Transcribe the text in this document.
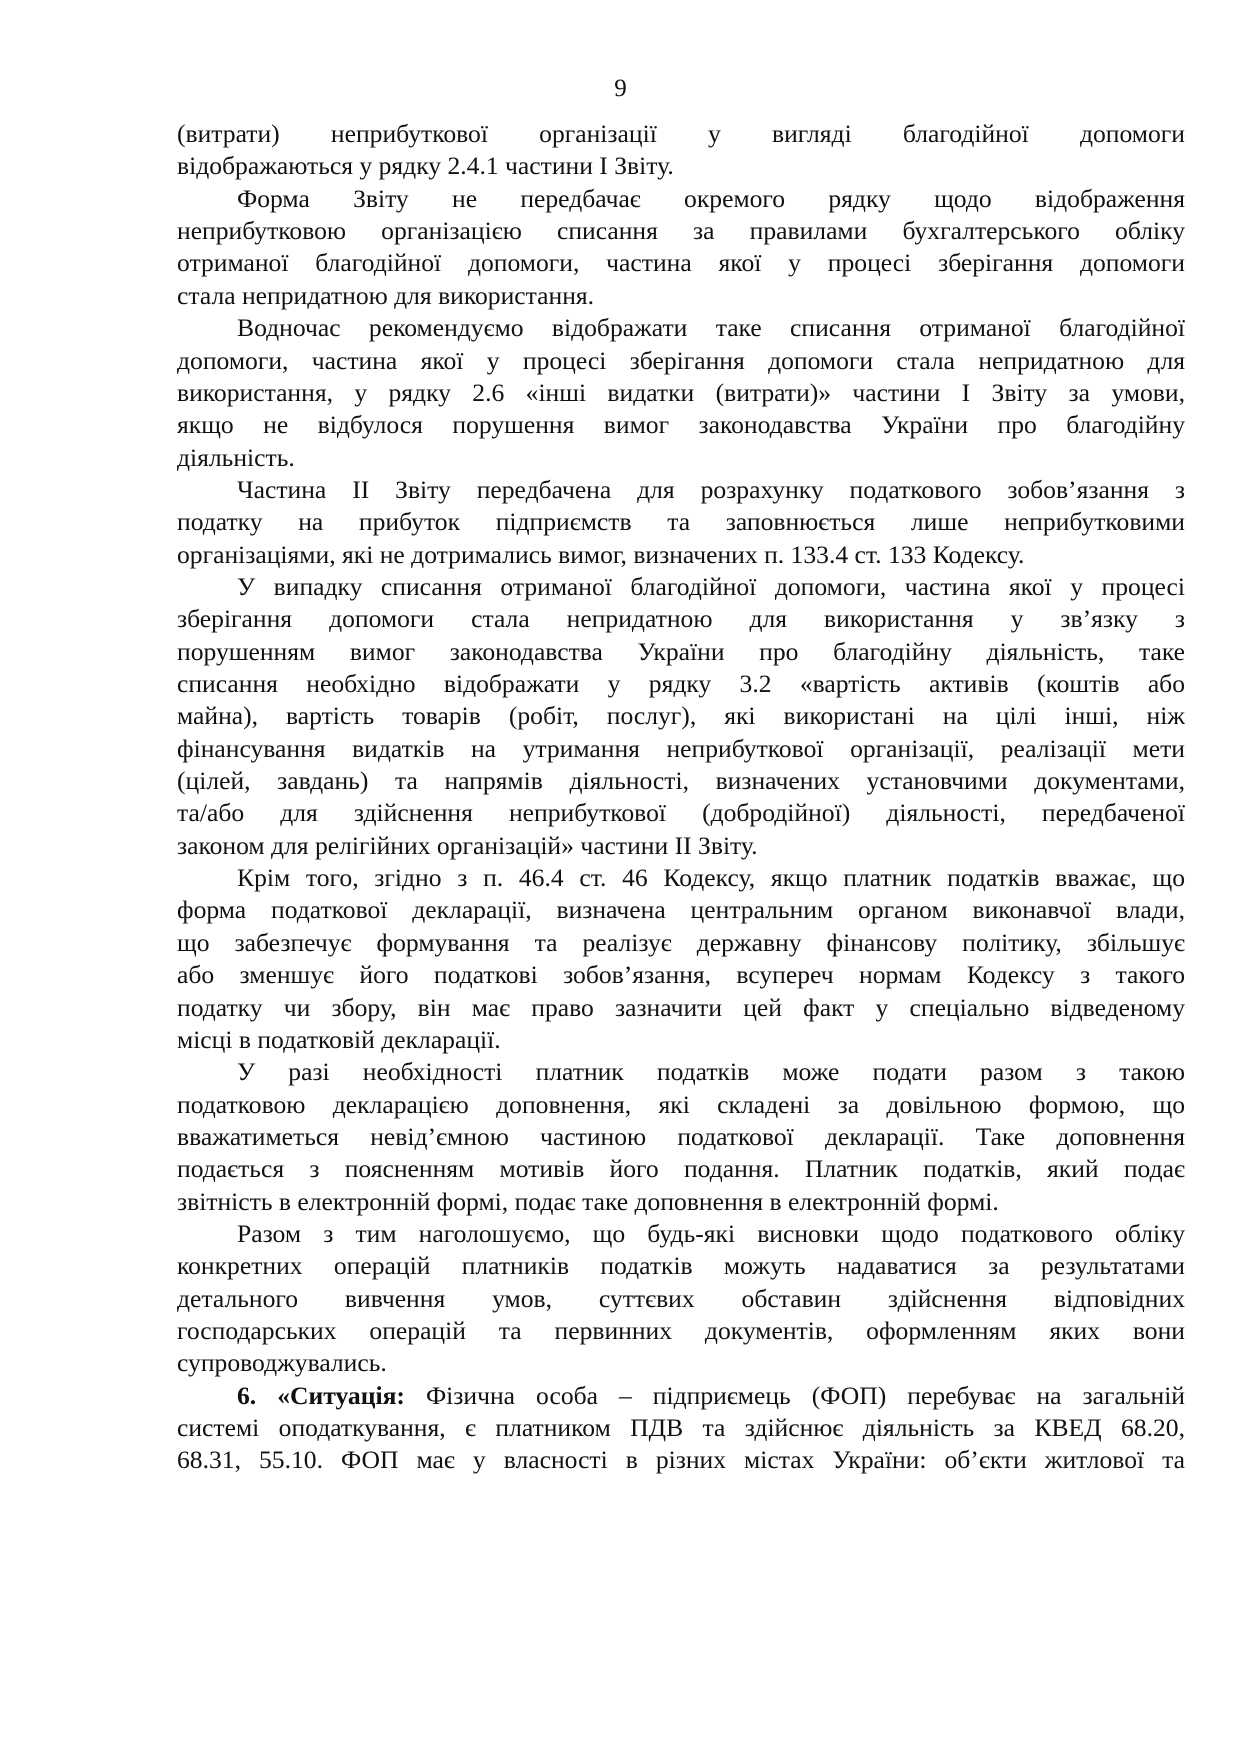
9
(витрати) неприбуткової організації у вигляді благодійної допомоги
відображаються у рядку 2.4.1 частини І Звіту.
Форма Звіту не передбачає окремого рядку щодо відображення
неприбутковою організацією списання за правилами бухгалтерського обліку
отриманої благодійної допомоги, частина якої у процесі зберігання допомоги
стала непридатною для використання.
Водночас рекомендуємо відображати таке списання отриманої благодійної
допомоги, частина якої у процесі зберігання допомоги стала непридатною для
використання, у рядку 2.6 «інші видатки (витрати)» частини І Звіту за умови,
якщо не відбулося порушення вимог законодавства України про благодійну
діяльність.
Частина ІІ Звіту передбачена для розрахунку податкового зобов’язання з
податку на прибуток підприємств та заповнюється лише неприбутковими
організаціями, які не дотримались вимог, визначених п. 133.4 ст. 133 Кодексу.
У випадку списання отриманої благодійної допомоги, частина якої у процесі
зберігання допомоги стала непридатною для використання у зв’язку з
порушенням вимог законодавства України про благодійну діяльність, таке
списання необхідно відображати у рядку 3.2 «вартість активів (коштів або
майна), вартість товарів (робіт, послуг), які використані на цілі інші, ніж
фінансування видатків на утримання неприбуткової організації, реалізації мети
(цілей, завдань) та напрямів діяльності, визначених установчими документами,
та/або для здійснення неприбуткової (добродійної) діяльності, передбаченої
законом для релігійних організацій» частини ІІ Звіту.
Крім того, згідно з п. 46.4 ст. 46 Кодексу, якщо платник податків вважає, що
форма податкової декларації, визначена центральним органом виконавчої влади,
що забезпечує формування та реалізує державну фінансову політику, збільшує
або зменшує його податкові зобов’язання, всупереч нормам Кодексу з такого
податку чи збору, він має право зазначити цей факт у спеціально відведеному
місці в податковій декларації.
У разі необхідності платник податків може подати разом з такою
податковою декларацією доповнення, які складені за довільною формою, що
вважатиметься невід’ємною частиною податкової декларації. Таке доповнення
подається з поясненням мотивів його подання. Платник податків, який подає
звітність в електронній формі, подає таке доповнення в електронній формі.
Разом з тим наголошуємо, що будь-які висновки щодо податкового обліку
конкретних операцій платників податків можуть надаватися за результатами
детального вивчення умов, суттєвих обставин здійснення відповідних
господарських операцій та первинних документів, оформленням яких вони
супроводжувались.
6. «Ситуація: Фізична особа – підприємець (ФОП) перебуває на загальній
системі оподаткування, є платником ПДВ та здійснює діяльність за КВЕД 68.20,
68.31, 55.10. ФОП має у власності в різних містах України: об’єкти житлової та
